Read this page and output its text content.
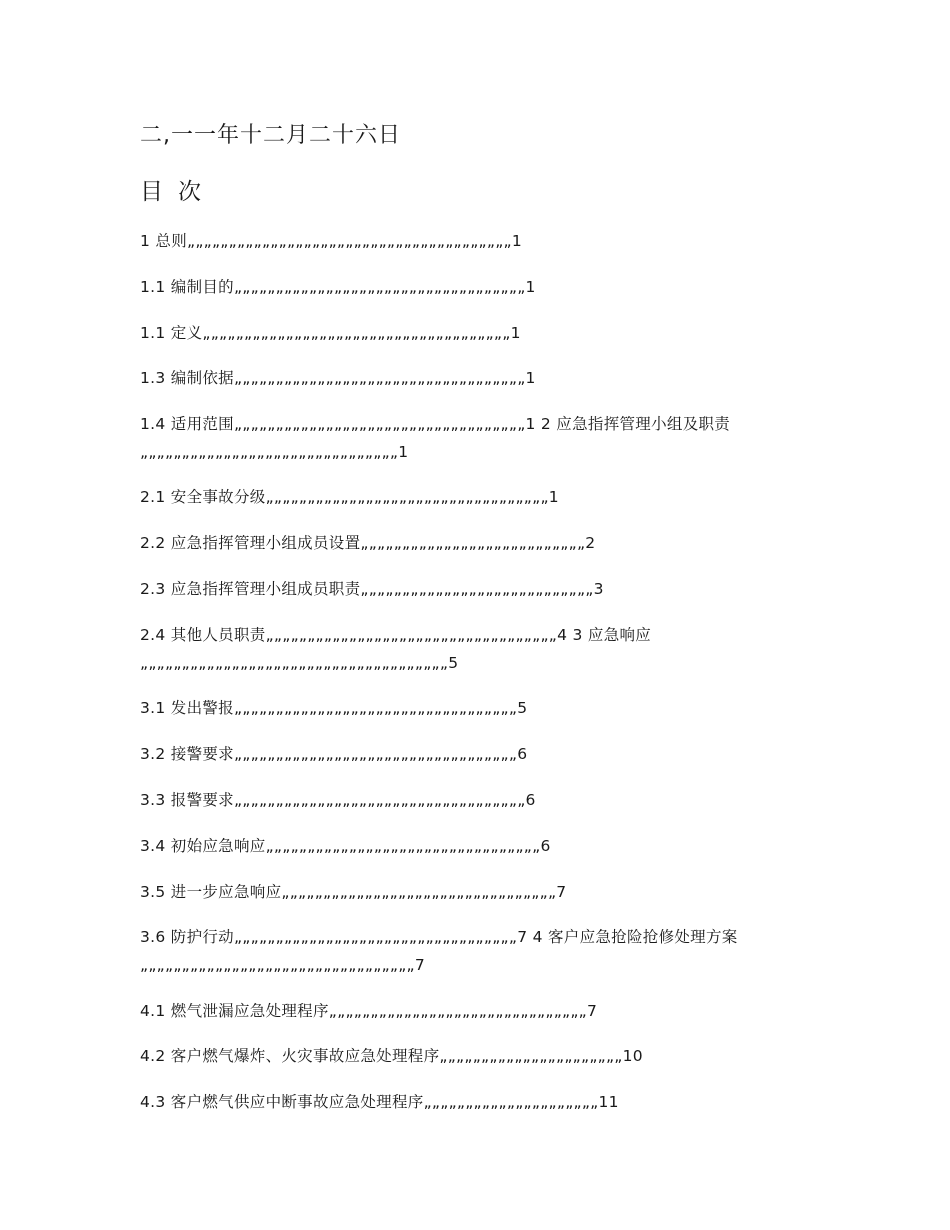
二,一一年十二月二十六日
目 次
1 总则„„„„„„„„„„„„„„„„„„„„„„„„„„„„„„„„„„„„„„„1
1.1 编制目的„„„„„„„„„„„„„„„„„„„„„„„„„„„„„„„„„„„1
1.1 定义„„„„„„„„„„„„„„„„„„„„„„„„„„„„„„„„„„„„„1
1.3 编制依据„„„„„„„„„„„„„„„„„„„„„„„„„„„„„„„„„„„1
1.4 适用范围„„„„„„„„„„„„„„„„„„„„„„„„„„„„„„„„„„„1 2 应急指挥管理小组及职责„„„„„„„„„„„„„„„„„„„„„„„„„„„„„„„1
2.1 安全事故分级„„„„„„„„„„„„„„„„„„„„„„„„„„„„„„„„„„1
2.2 应急指挥管理小组成员设置„„„„„„„„„„„„„„„„„„„„„„„„„„„2
2.3 应急指挥管理小组成员职责„„„„„„„„„„„„„„„„„„„„„„„„„„„„3
2.4 其他人员职责„„„„„„„„„„„„„„„„„„„„„„„„„„„„„„„„„„„4 3 应急响应„„„„„„„„„„„„„„„„„„„„„„„„„„„„„„„„„„„„„5
3.1 发出警报„„„„„„„„„„„„„„„„„„„„„„„„„„„„„„„„„„5
3.2 接警要求„„„„„„„„„„„„„„„„„„„„„„„„„„„„„„„„„„6
3.3 报警要求„„„„„„„„„„„„„„„„„„„„„„„„„„„„„„„„„„„6
3.4 初始应急响应„„„„„„„„„„„„„„„„„„„„„„„„„„„„„„„„„6
3.5 进一步应急响应„„„„„„„„„„„„„„„„„„„„„„„„„„„„„„„„„7
3.6 防护行动„„„„„„„„„„„„„„„„„„„„„„„„„„„„„„„„„„7 4 客户应急抢险抢修处理方案„„„„„„„„„„„„„„„„„„„„„„„„„„„„„„„„„7
4.1 燃气泄漏应急处理程序„„„„„„„„„„„„„„„„„„„„„„„„„„„„„„„7
4.2 客户燃气爆炸、火灾事故应急处理程序„„„„„„„„„„„„„„„„„„„„„„10
4.3 客户燃气供应中断事故应急处理程序„„„„„„„„„„„„„„„„„„„„„11
